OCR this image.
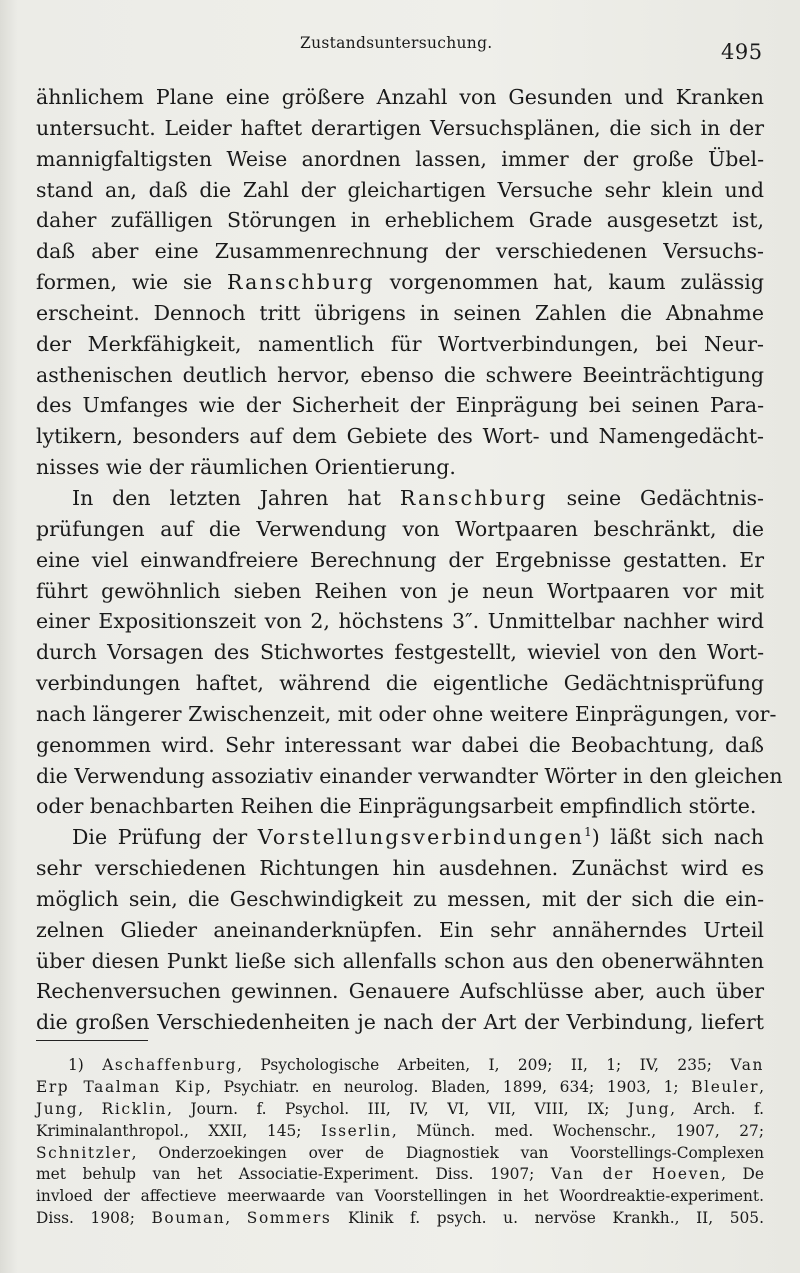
Zustandsuntersuchung.	495
ähnlichem Plane eine größere Anzahl von Gesunden und Kranken
untersucht. Leider haftet derartigen Versuchsplänen, die sich in der
mannigfaltigsten Weise anordnen lassen, immer der große Übel-
stand an, daß die Zahl der gleichartigen Versuche sehr klein und
daher zufälligen Störungen in erheblichem Grade ausgesetzt ist,
daß aber eine Zusammenrechnung der verschiedenen Versuchs-
formen, wie sie Ranschburg vorgenommen hat, kaum zulässig
erscheint. Dennoch tritt übrigens in seinen Zahlen die Abnahme
der Merkfähigkeit, namentlich für Wortverbindungen, bei Neur-
asthenischen deutlich hervor, ebenso die schwere Beeinträchtigung
des Umfanges wie der Sicherheit der Einprägung bei seinen Para-
lytikern, besonders auf dem Gebiete des Wort- und Namengedächt-
nisses wie der räumlichen Orientierung.
In den letzten Jahren hat Ranschburg seine Gedächtnis-
prüfungen auf die Verwendung von Wortpaaren beschränkt, die
eine viel einwandfreiere Berechnung der Ergebnisse gestatten. Er
führt gewöhnlich sieben Reihen von je neun Wortpaaren vor mit
einer Expositionszeit von 2, höchstens 3″. Unmittelbar nachher wird
durch Vorsagen des Stichwortes festgestellt, wieviel von den Wort-
verbindungen haftet, während die eigentliche Gedächtnisprüfung
nach längerer Zwischenzeit, mit oder ohne weitere Einprägungen, vor-
genommen wird. Sehr interessant war dabei die Beobachtung, daß
die Verwendung assoziativ einander verwandter Wörter in den gleichen
oder benachbarten Reihen die Einprägungsarbeit empfindlich störte.
Die Prüfung der Vorstellungsverbindungen$^1$) läßt sich nach
sehr verschiedenen Richtungen hin ausdehnen. Zunächst wird es
möglich sein, die Geschwindigkeit zu messen, mit der sich die ein-
zelnen Glieder aneinanderknüpfen. Ein sehr annäherndes Urteil
über diesen Punkt ließe sich allenfalls schon aus den obenerwähnten
Rechenversuchen gewinnen. Genauere Aufschlüsse aber, auch über
die großen Verschiedenheiten je nach der Art der Verbindung, liefert
1) Aschaffenburg, Psychologische Arbeiten, I, 209; II, 1; IV, 235; Van
Erp Taalman Kip, Psychiatr. en neurolog. Bladen, 1899, 634; 1903, 1; Bleuler,
Jung, Ricklin, Journ. f. Psychol. III, IV, VI, VII, VIII, IX; Jung, Arch. f.
Kriminalanthropol., XXII, 145; Isserlin, Münch. med. Wochenschr., 1907, 27;
Schnitzler, Onderzoekingen over de Diagnostiek van Voorstellings-Complexen
met behulp van het Associatie-Experiment. Diss. 1907; Van der Hoeven, De
invloed der affectieve meerwaarde van Voorstellingen in het Woordreaktie-experiment.
Diss. 1908; Bouman, Sommers Klinik f. psych. u. nervöse Krankh., II, 505.
